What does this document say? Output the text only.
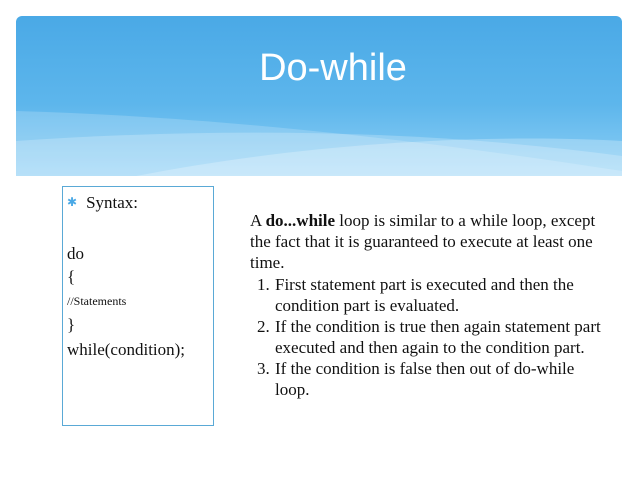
Do-while
✱ Syntax:
do
{
//Statements
}
while(condition);

A do...while loop is similar to a while loop, except the fact that it is guaranteed to execute at least one time.

1. First statement part is executed and then the condition part is evaluated.
2. If the condition is true then again statement part executed and then again to the condition part.
3. If the condition is false then out of do-while loop.
